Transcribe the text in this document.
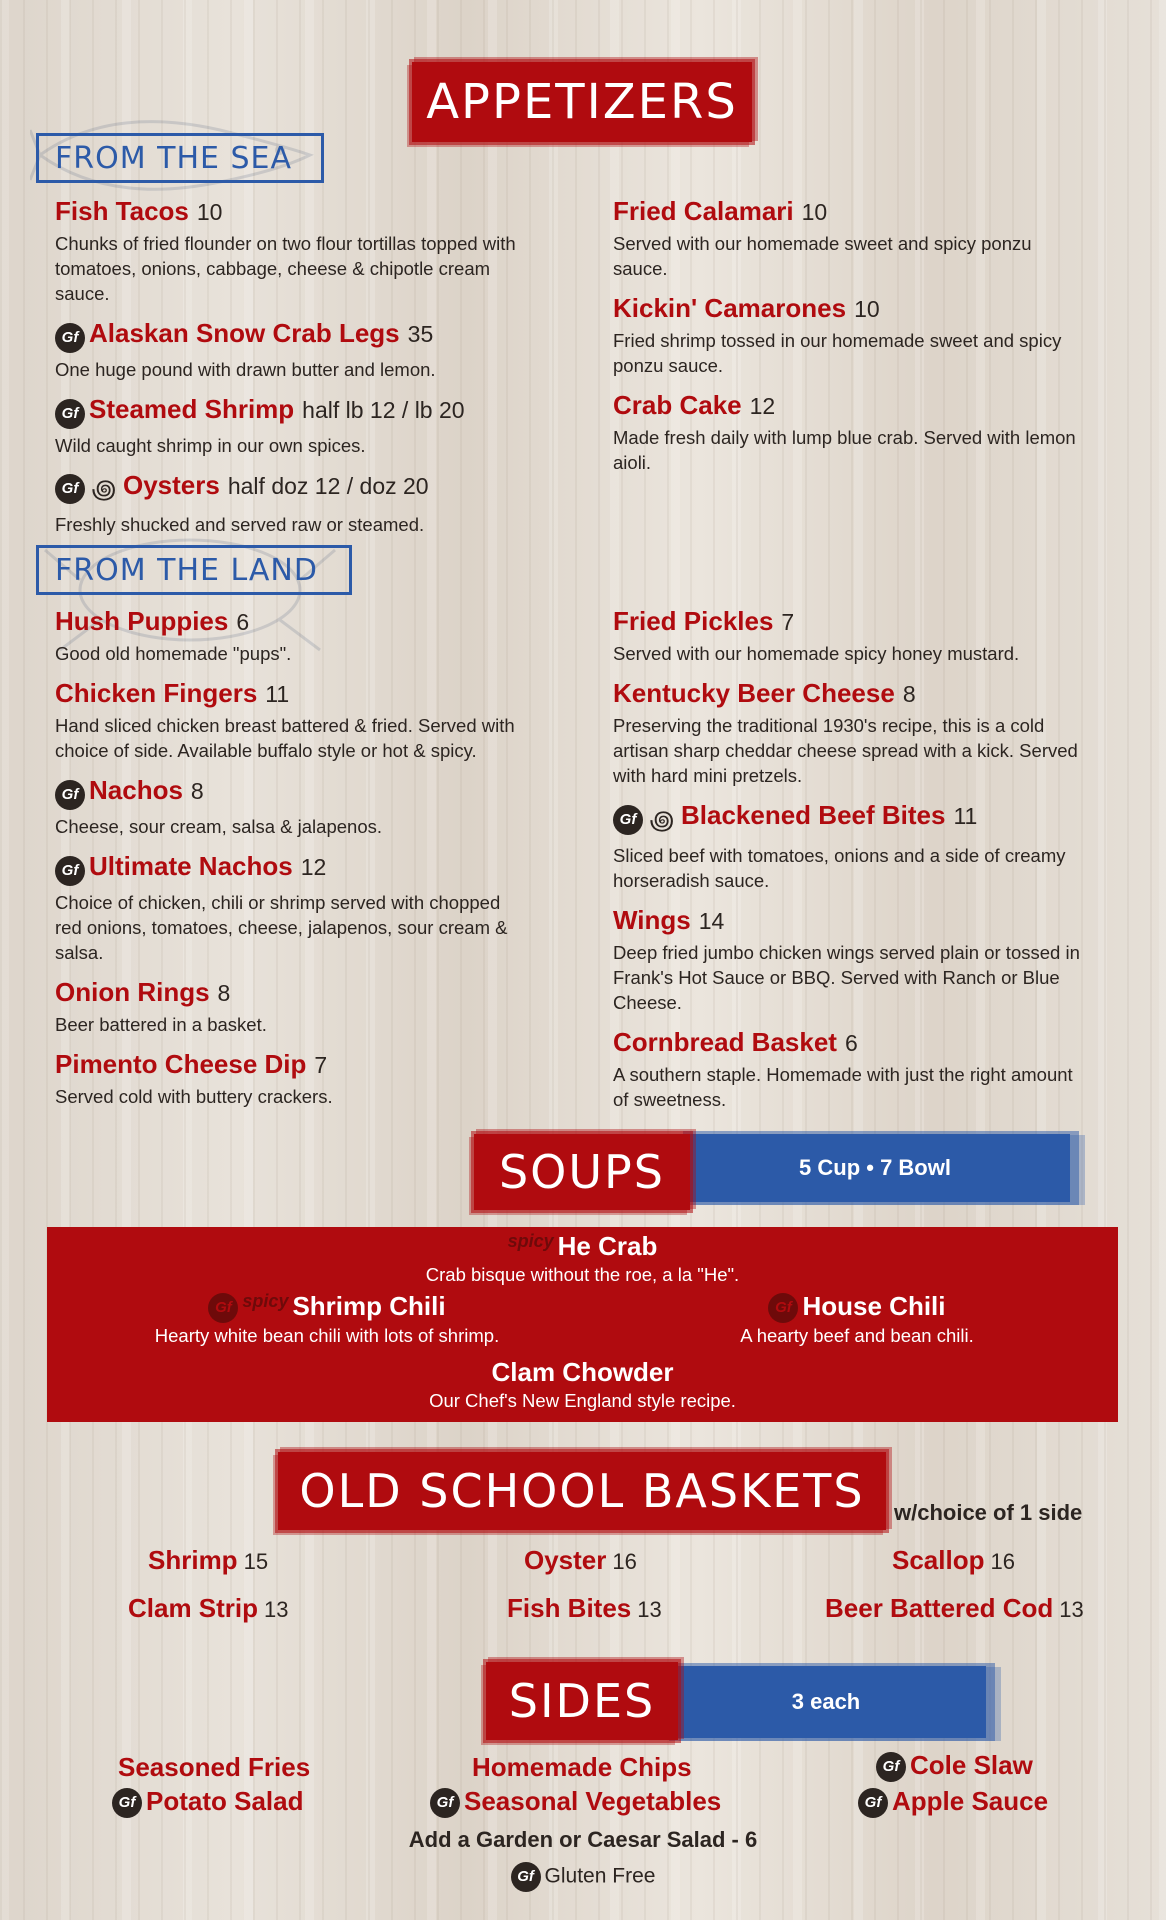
APPETIZERS
FROM THE SEA
Fish Tacos 10
Chunks of fried flounder on two flour tortillas topped with tomatoes, onions, cabbage, cheese & chipotle cream sauce.
Gf Alaskan Snow Crab Legs 35
One huge pound with drawn butter and lemon.
Gf Steamed Shrimp half lb 12 / lb 20
Wild caught shrimp in our own spices.
Gf ꩜ Oysters half doz 12 / doz 20
Freshly shucked and served raw or steamed.
Fried Calamari 10
Served with our homemade sweet and spicy ponzu sauce.
Kickin' Camarones 10
Fried shrimp tossed in our homemade sweet and spicy ponzu sauce.
Crab Cake 12
Made fresh daily with lump blue crab. Served with lemon aioli.
FROM THE LAND
Hush Puppies 6
Good old homemade "pups".
Chicken Fingers 11
Hand sliced chicken breast battered & fried. Served with choice of side. Available buffalo style or hot & spicy.
Gf Nachos 8
Cheese, sour cream, salsa & jalapenos.
Gf Ultimate Nachos 12
Choice of chicken, chili or shrimp served with chopped red onions, tomatoes, cheese, jalapenos, sour cream & salsa.
Onion Rings 8
Beer battered in a basket.
Pimento Cheese Dip 7
Served cold with buttery crackers.
Fried Pickles 7
Served with our homemade spicy honey mustard.
Kentucky Beer Cheese 8
Preserving the traditional 1930's recipe, this is a cold artisan sharp cheddar cheese spread with a kick. Served with hard mini pretzels.
Gf ꩜ Blackened Beef Bites 11
Sliced beef with tomatoes, onions and a side of creamy horseradish sauce.
Wings 14
Deep fried jumbo chicken wings served plain or tossed in Frank's Hot Sauce or BBQ. Served with Ranch or Blue Cheese.
Cornbread Basket 6
A southern staple. Homemade with just the right amount of sweetness.
5 Cup • 7 Bowl
SOUPS
$^{spicy}$ He Crab
Crab bisque without the roe, a la "He".
Gf $^{spicy}$ Shrimp Chili
Hearty white bean chili with lots of shrimp.
Gf House Chili
A hearty beef and bean chili.
Clam Chowder
Our Chef's New England style recipe.
OLD SCHOOL BASKETS	w/choice of 1 side
Shrimp 15	Oyster 16	Scallop 16
Clam Strip 13	Fish Bites 13	Beer Battered Cod 13
3 each
SIDES
Seasoned Fries	Homemade Chips	Gf Cole Slaw
Gf Potato Salad	Gf Seasonal Vegetables	Gf Apple Sauce
Add a Garden or Caesar Salad - 6
Gf Gluten Free
